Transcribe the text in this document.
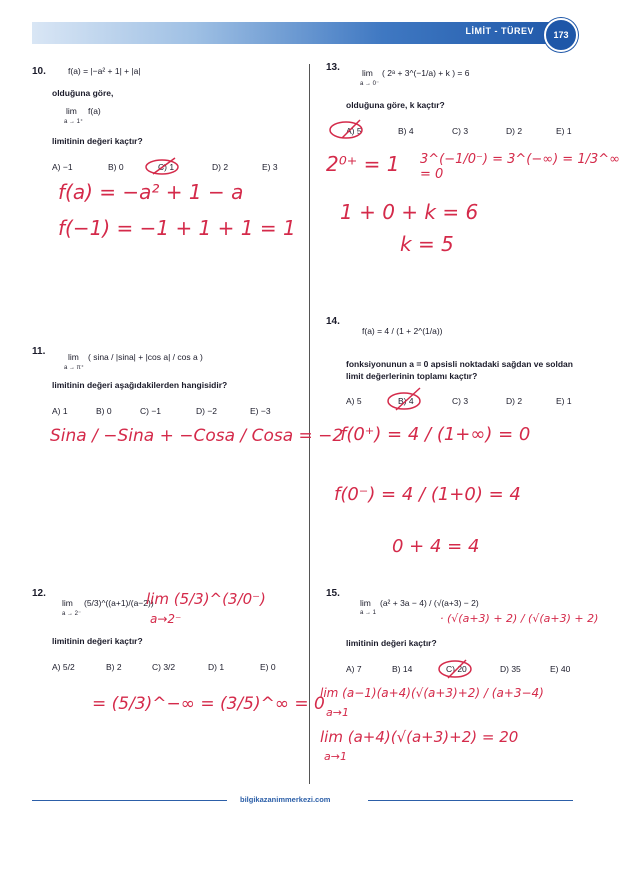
LİMİT - TÜREV	173
10.	f(a) = |−a² + 1| + |a|
olduğuna göre,
lim f(a)
a → 1⁺
limitinin değeri kaçtır?
A) −1	B) 0	C) 1	D) 2	E) 3
f(a) = −a² + 1 − a
f(−1) = −1 + 1 + 1 = 1
11.	lim
a → π⁺
( sina / |sina| + |cos a| / cos a )
limitinin değeri aşağıdakilerden hangisidir?
A) 1	B) 0	C) −1	D) −2	E) −3
Sina / −Sina + −Cosa / Cosa = −2
12.
lim
a → 2⁻
(5/3)^((a+1)/(a−2))
limitinin değeri kaçtır?
A) 5/2	B) 2	C) 3/2	D) 1	E) 0
lim (5/3)^(3/0⁻)
a→2⁻
= (5/3)^−∞ = (3/5)^∞ = 0
13.	lim
a → 0⁻
( 2ᵃ + 3^(−1/a) + k ) = 6
olduğuna göre, k kaçtır?
A) 5	B) 4	C) 3	D) 2	E) 1
2⁰⁺ = 1 3^(−1/0⁻) = 3^(−∞) = 1/3^∞ = 0
1 + 0 + k = 6
k = 5
14.
f(a) = 4 / (1 + 2^(1/a))
fonksiyonunun a = 0 apsisli noktadaki sağdan ve soldan limit değerlerinin toplamı kaçtır?
A) 5	B) 4	C) 3	D) 2	E) 1
f(0⁺) = 4 / (1+∞) = 0
f(0⁻) = 4 / (1+0) = 4
0 + 4 = 4
15.
lim
a → 1
(a² + 3a − 4) / (√(a+3) − 2)
· (√(a+3) + 2) / (√(a+3) + 2)
limitinin değeri kaçtır?
A) 7	B) 14	C) 20	D) 35	E) 40
lim (a−1)(a+4)(√(a+3)+2) / (a+3−4)
a→1
lim (a+4)(√(a+3)+2) = 20
a→1
bilgikazanimmerkezi.com
